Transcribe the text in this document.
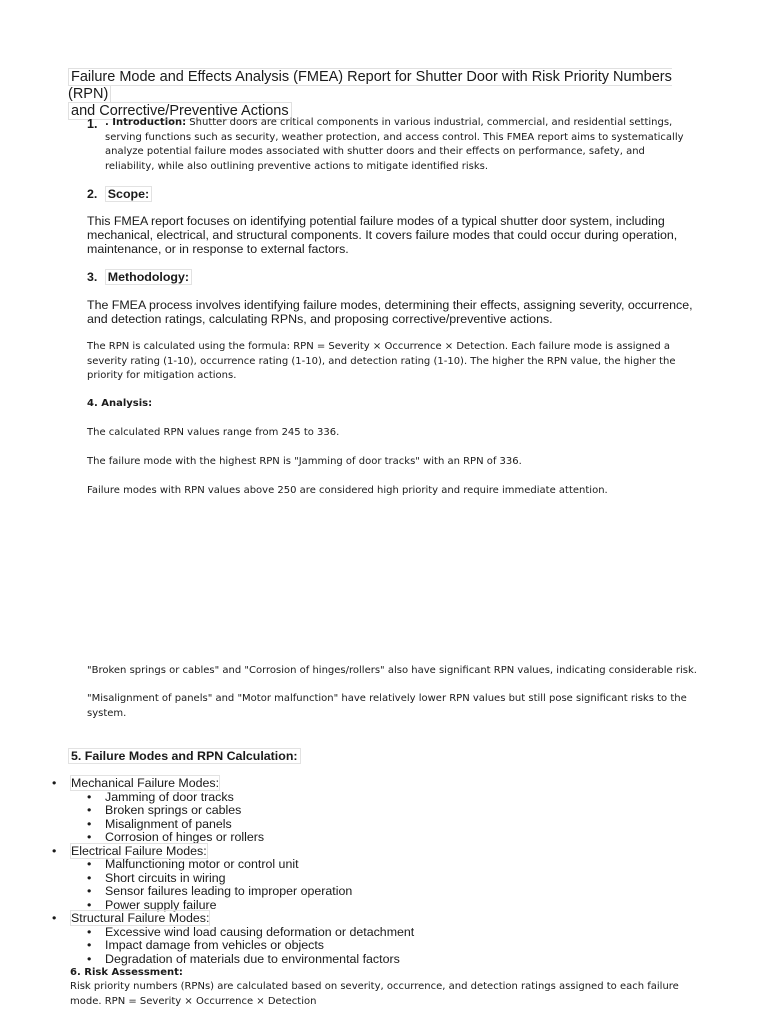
Failure Mode and Effects Analysis (FMEA) Report for Shutter Door with Risk Priority Numbers (RPN)
and Corrective/Preventive Actions
1. . Introduction: Shutter doors are critical components in various industrial, commercial, and residential settings, serving functions such as security, weather protection, and access control. This FMEA report aims to systematically analyze potential failure modes associated with shutter doors and their effects on performance, safety, and reliability, while also outlining preventive actions to mitigate identified risks.
2. Scope:

This FMEA report focuses on identifying potential failure modes of a typical shutter door system, including mechanical, electrical, and structural components. It covers failure modes that could occur during operation, maintenance, or in response to external factors.

3. Methodology:

The FMEA process involves identifying failure modes, determining their effects, assigning severity, occurrence, and detection ratings, calculating RPNs, and proposing corrective/preventive actions.

The RPN is calculated using the formula: RPN = Severity × Occurrence × Detection. Each failure mode is assigned a severity rating (1-10), occurrence rating (1-10), and detection rating (1-10). The higher the RPN value, the higher the priority for mitigation actions.

4. Analysis:

The calculated RPN values range from 245 to 336.

The failure mode with the highest RPN is "Jamming of door tracks" with an RPN of 336.

Failure modes with RPN values above 250 are considered high priority and require immediate attention.

"Broken springs or cables" and "Corrosion of hinges/rollers" also have significant RPN values, indicating considerable risk.

"Misalignment of panels" and "Motor malfunction" have relatively lower RPN values but still pose significant risks to the system.

5. Failure Modes and RPN Calculation:
• Mechanical Failure Modes:
• Jamming of door tracks
• Broken springs or cables
• Misalignment of panels
• Corrosion of hinges or rollers
• Electrical Failure Modes:
• Malfunctioning motor or control unit
• Short circuits in wiring
• Sensor failures leading to improper operation
• Power supply failure
• Structural Failure Modes:
• Excessive wind load causing deformation or detachment
• Impact damage from vehicles or objects
• Degradation of materials due to environmental factors
6. Risk Assessment:

Risk priority numbers (RPNs) are calculated based on severity, occurrence, and detection ratings assigned to each failure mode. RPN = Severity × Occurrence × Detection
